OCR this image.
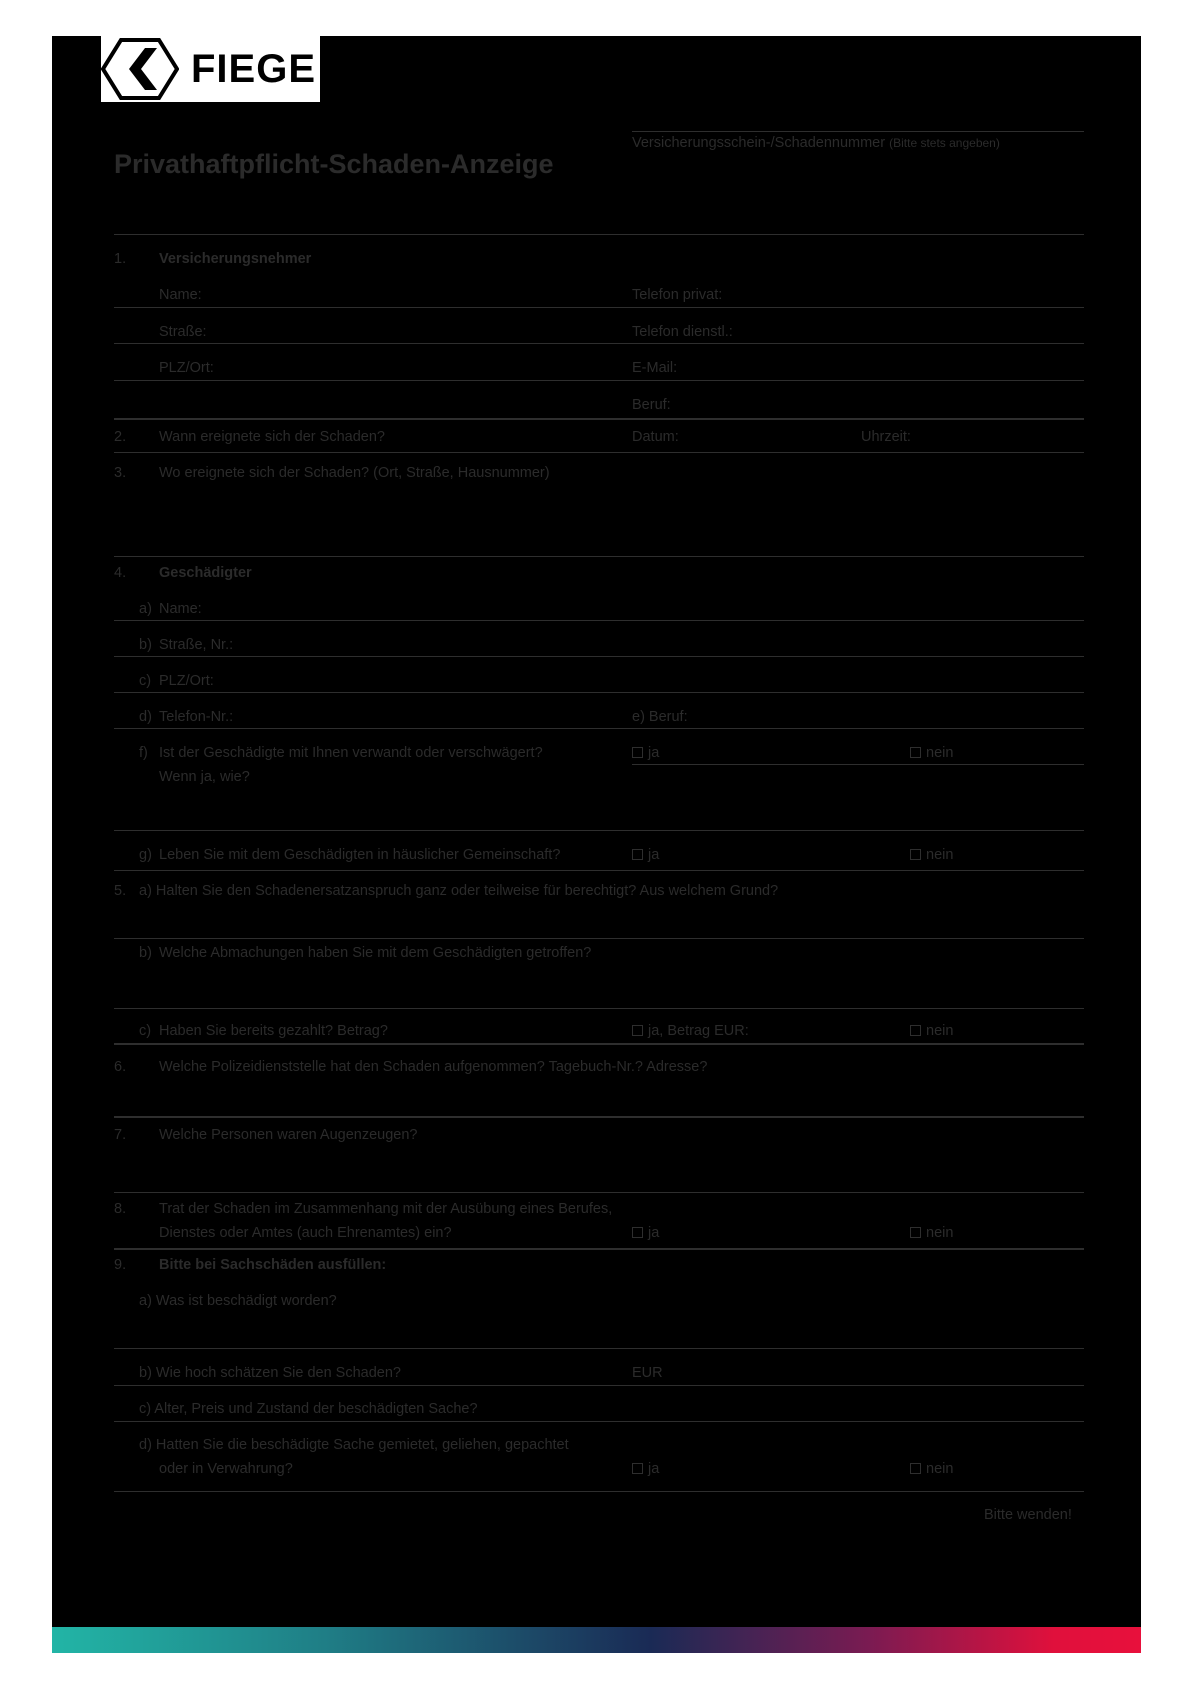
FIEGE
Versicherungsschein-/Schadennummer (Bitte stets angeben)
Privathaftpflicht-Schaden-Anzeige
1. Versicherungsnehmer
Name:	Telefon privat:
Straße:	Telefon dienstl.:
PLZ/Ort:	E-Mail:
Beruf:
2. Wann ereignete sich der Schaden?	Datum:	Uhrzeit:
3. Wo ereignete sich der Schaden? (Ort, Straße, Hausnummer)
4. Geschädigter
a) Name:
b) Straße, Nr.:
c) PLZ/Ort:
d) Telefon-Nr.:	e) Beruf:
f) Ist der Geschädigte mit Ihnen verwandt oder verschwägert?	ja	nein
Wenn ja, wie?
g) Leben Sie mit dem Geschädigten in häuslicher Gemeinschaft?	ja	nein
5. a) Halten Sie den Schadenersatzanspruch ganz oder teilweise für berechtigt? Aus welchem Grund?
b) Welche Abmachungen haben Sie mit dem Geschädigten getroffen?
c) Haben Sie bereits gezahlt? Betrag?	ja, Betrag EUR:	nein
6. Welche Polizeidienststelle hat den Schaden aufgenommen? Tagebuch-Nr.? Adresse?
7. Welche Personen waren Augenzeugen?
8. Trat der Schaden im Zusammenhang mit der Ausübung eines Berufes,
Dienstes oder Amtes (auch Ehrenamtes) ein?	ja	nein
9. Bitte bei Sachschäden ausfüllen:
a) Was ist beschädigt worden?
b) Wie hoch schätzen Sie den Schaden?	EUR
c) Alter, Preis und Zustand der beschädigten Sache?
d) Hatten Sie die beschädigte Sache gemietet, geliehen, gepachtet
oder in Verwahrung?	ja	nein
Bitte wenden!
